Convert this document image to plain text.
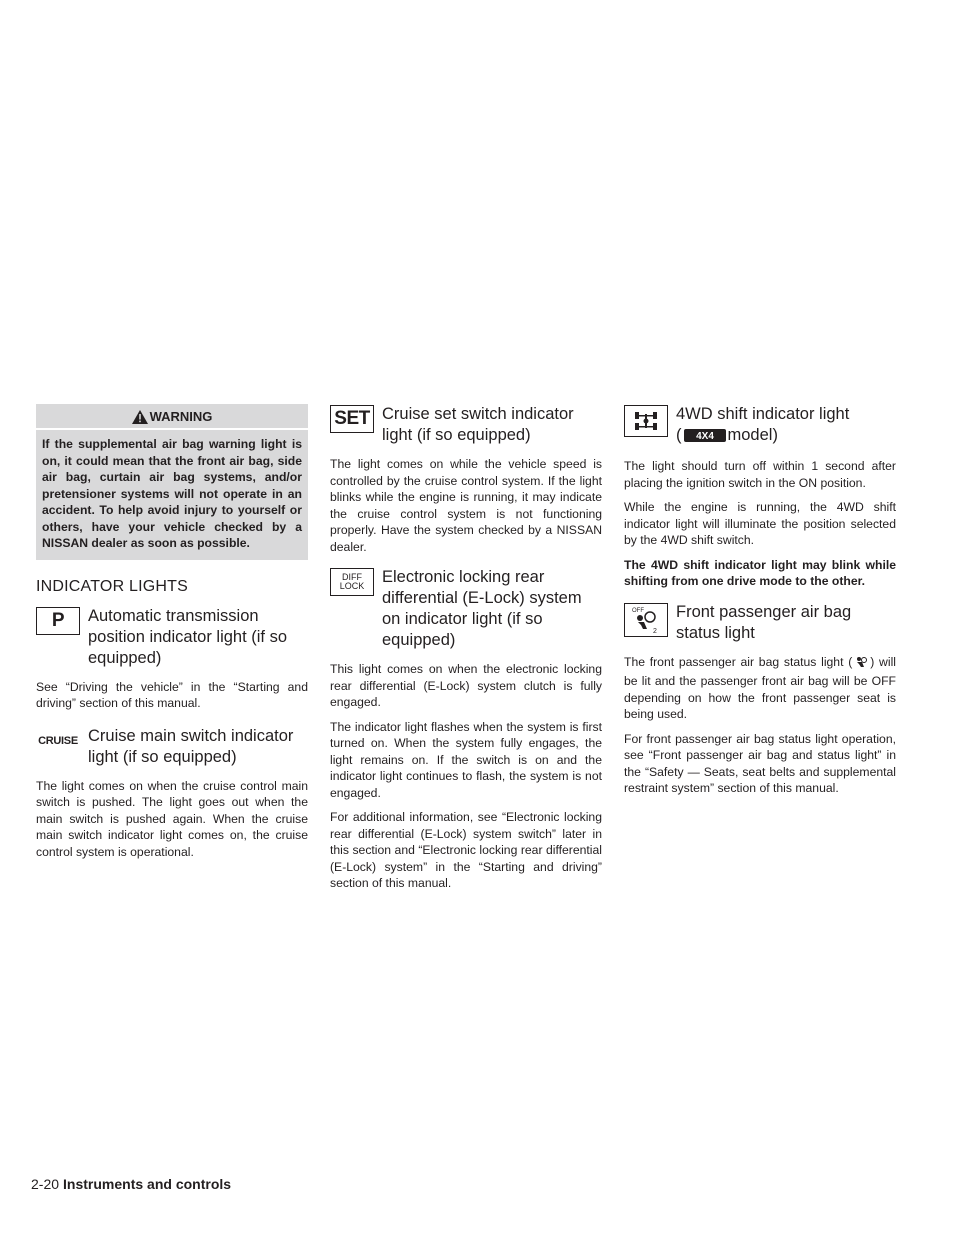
WARNING
If the supplemental air bag warning light is on, it could mean that the front air bag, side air bag, curtain air bag systems, and/or pretensioner systems will not operate in an accident. To help avoid injury to yourself or others, have your vehicle checked by a NISSAN dealer as soon as possible.
INDICATOR LIGHTS
P Automatic transmission position indicator light (if so equipped)

See “Driving the vehicle” in the “Starting and driving” section of this manual.

CRUISE Cruise main switch indicator light (if so equipped)

The light comes on when the cruise control main switch is pushed. The light goes out when the main switch is pushed again. When the cruise main switch indicator light comes on, the cruise control system is operational.

SET Cruise set switch indicator light (if so equipped)

The light comes on while the vehicle speed is controlled by the cruise control system. If the light blinks while the engine is running, it may indicate the cruise control system is not functioning properly. Have the system checked by a NISSAN dealer.

DIFF
LOCK Electronic locking rear differential (E-Lock) system on indicator light (if so equipped)

This light comes on when the electronic locking rear differential (E-Lock) system clutch is fully engaged.

The indicator light flashes when the system is first turned on. When the system fully engages, the light remains on. If the switch is on and the indicator light continues to flash, the system is not engaged.

For additional information, see “Electronic locking rear differential (E-Lock) system switch” later in this section and “Electronic locking rear differential (E-Lock) system” in the “Starting and driving” section of this manual.

4WD shift indicator light
( 4X4 model)

The light should turn off within 1 second after placing the ignition switch in the ON position.

While the engine is running, the 4WD shift indicator light will illuminate the position selected by the 4WD shift switch.

The 4WD shift indicator light may blink while shifting from one drive mode to the other.

OFF
2
Front passenger air bag status light

The front passenger air bag status light ( ) will be lit and the passenger front air bag will be OFF depending on how the front passenger seat is being used.

For front passenger air bag status light operation, see “Front passenger air bag and status light” in the “Safety — Seats, seat belts and supplemental restraint system” section of this manual.

2-20 Instruments and controls
